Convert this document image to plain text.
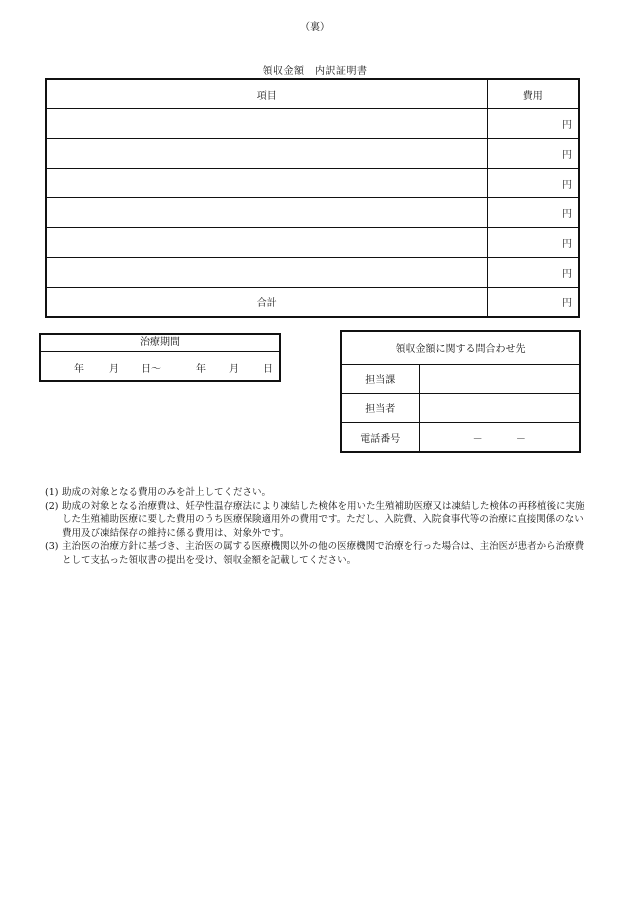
（裏）
領収金額　内訳証明書
項目	費用
	円
	円
	円
	円
	円
	円
合計	円
治療期間
年	月 日〜	年 月 日
領収金額に関する問合わせ先	
担当課	
担当者	
電話番号	－ －
(1) 助成の対象となる費用のみを計上してください。
(2) 助成の対象となる治療費は、妊孕性温存療法により凍結した検体を用いた生殖補助医療又は凍結した検体の再移植後に実施した生殖補助医療に要した費用のうち医療保険適用外の費用です。ただし、入院費、入院食事代等の治療に直接関係のない費用及び凍結保存の維持に係る費用は、対象外です。
(3) 主治医の治療方針に基づき、主治医の属する医療機関以外の他の医療機関で治療を行った場合は、主治医が患者から治療費として支払った領収書の提出を受け、領収金額を記載してください。
